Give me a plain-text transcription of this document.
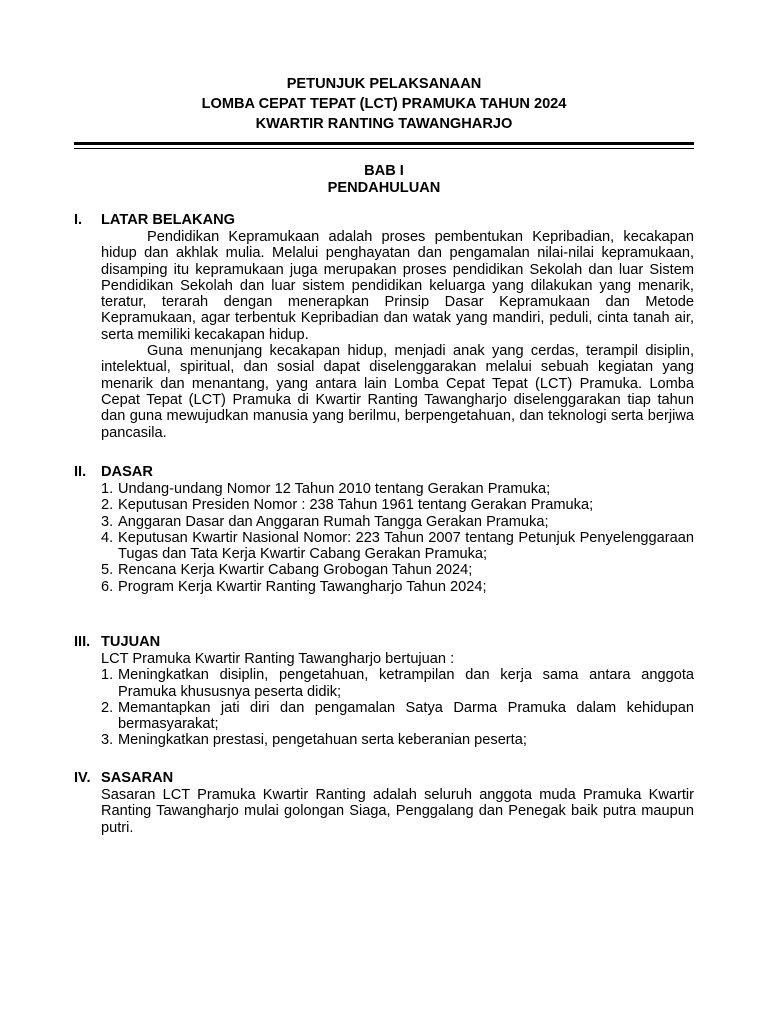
PETUNJUK PELAKSANAAN
LOMBA CEPAT TEPAT (LCT) PRAMUKA TAHUN 2024
KWARTIR RANTING TAWANGHARJO
BAB I
PENDAHULUAN
I. LATAR BELAKANG

Pendidikan Kepramukaan adalah proses pembentukan Kepribadian, kecakapan hidup dan akhlak mulia. Melalui penghayatan dan pengamalan nilai-nilai kepramukaan, disamping itu kepramukaan juga merupakan proses pendidikan Sekolah dan luar Sistem Pendidikan Sekolah dan luar sistem pendidikan keluarga yang dilakukan yang menarik, teratur, terarah dengan menerapkan Prinsip Dasar Kepramukaan dan Metode Kepramukaan, agar terbentuk Kepribadian dan watak yang mandiri, peduli, cinta tanah air, serta memiliki kecakapan hidup.

Guna menunjang kecakapan hidup, menjadi anak yang cerdas, terampil disiplin, intelektual, spiritual, dan sosial dapat diselenggarakan melalui sebuah kegiatan yang menarik dan menantang, yang antara lain Lomba Cepat Tepat (LCT) Pramuka. Lomba Cepat Tepat (LCT) Pramuka di Kwartir Ranting Tawangharjo diselenggarakan tiap tahun dan guna mewujudkan manusia yang berilmu, berpengetahuan, dan teknologi serta berjiwa pancasila.

II. DASAR
1. Undang-undang Nomor 12 Tahun 2010 tentang Gerakan Pramuka;
2. Keputusan Presiden Nomor : 238 Tahun 1961 tentang Gerakan Pramuka;
3. Anggaran Dasar dan Anggaran Rumah Tangga Gerakan Pramuka;
4. Keputusan Kwartir Nasional Nomor: 223 Tahun 2007 tentang Petunjuk Penyelenggaraan Tugas dan Tata Kerja Kwartir Cabang Gerakan Pramuka;
5. Rencana Kerja Kwartir Cabang Grobogan Tahun 2024;
6. Program Kerja Kwartir Ranting Tawangharjo Tahun 2024;
III. TUJUAN

LCT Pramuka Kwartir Ranting Tawangharjo bertujuan :

1. Meningkatkan disiplin, pengetahuan, ketrampilan dan kerja sama antara anggota Pramuka khususnya peserta didik;
2. Memantapkan jati diri dan pengamalan Satya Darma Pramuka dalam kehidupan bermasyarakat;
3. Meningkatkan prestasi, pengetahuan serta keberanian peserta;
IV. SASARAN

Sasaran LCT Pramuka Kwartir Ranting adalah seluruh anggota muda Pramuka Kwartir Ranting Tawangharjo mulai golongan Siaga, Penggalang dan Penegak baik putra maupun putri.
